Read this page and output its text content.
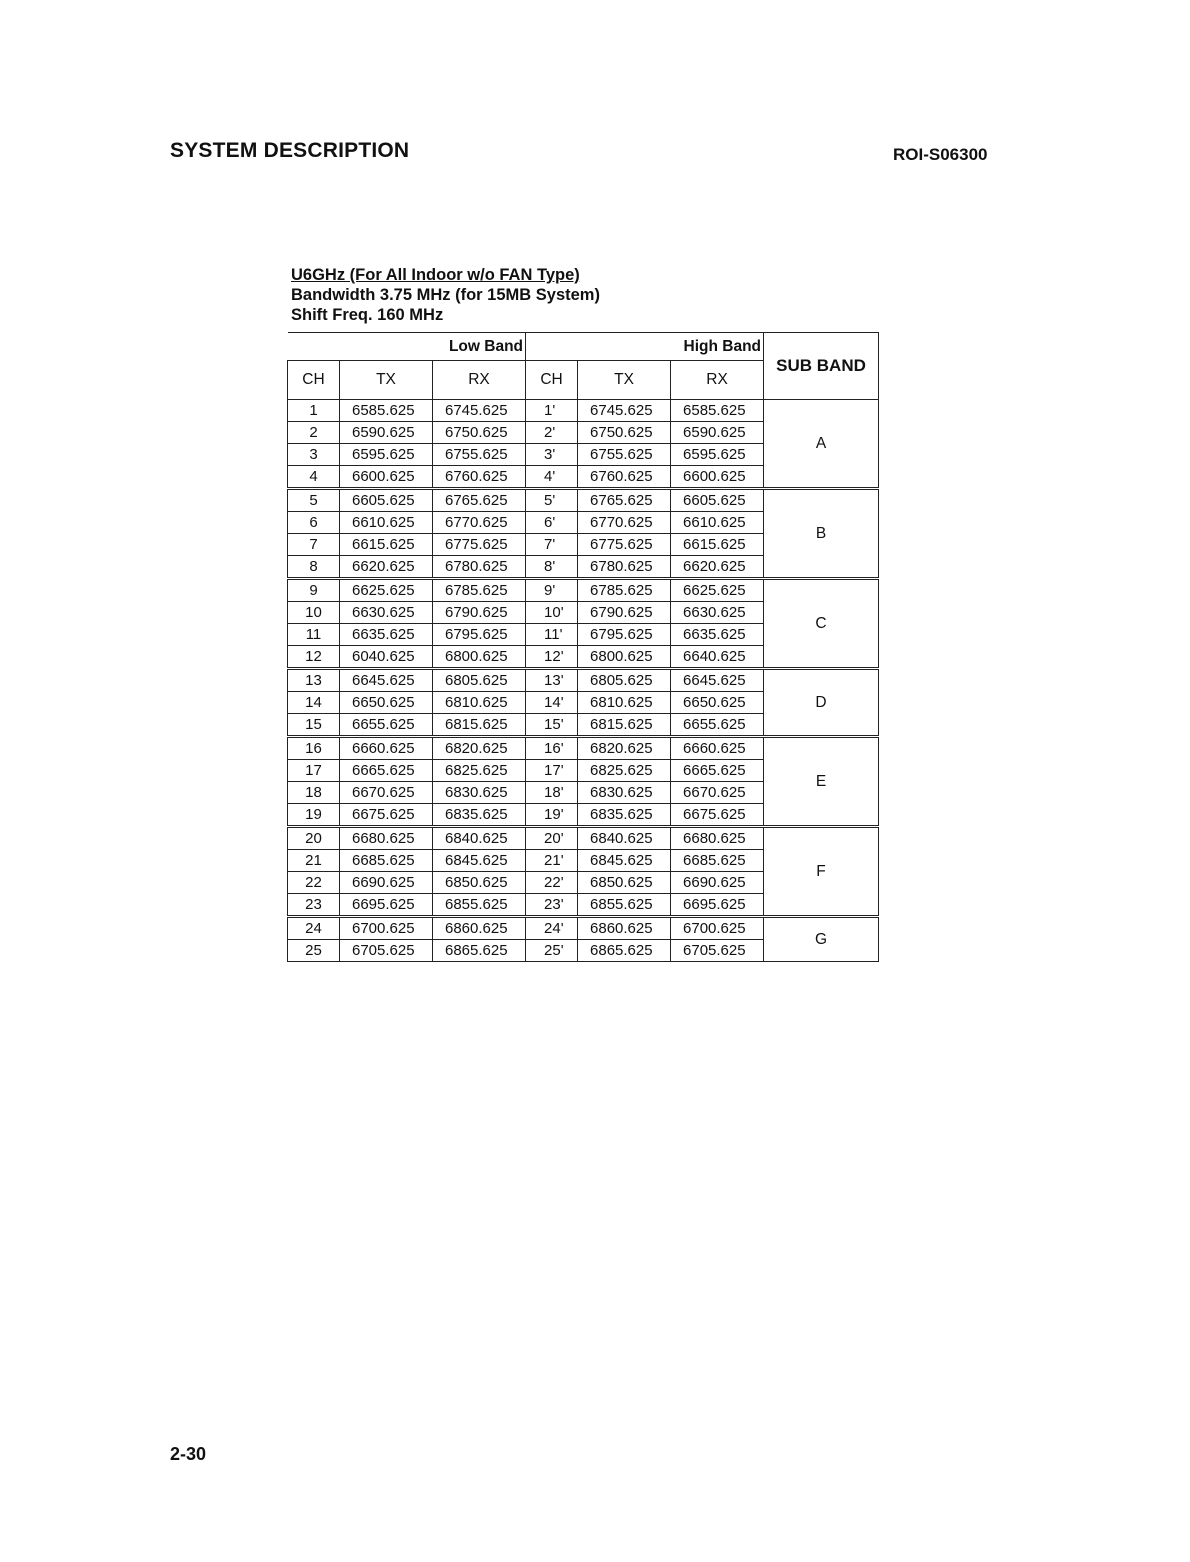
SYSTEM DESCRIPTION	ROI-S06300
U6GHz (For All Indoor w/o FAN Type)
Bandwidth 3.75 MHz (for 15MB System)
Shift Freq. 160 MHz
Low Band			High Band			SUB BAND
CH	TX	RX	CH	TX	RX	
1	6585.625	6745.625	1'	6745.625	6585.625	A
2	6590.625	6750.625	2'	6750.625	6590.625	
3	6595.625	6755.625	3'	6755.625	6595.625	
4	6600.625	6760.625	4'	6760.625	6600.625	
5	6605.625	6765.625	5'	6765.625	6605.625	B
6	6610.625	6770.625	6'	6770.625	6610.625	
7	6615.625	6775.625	7'	6775.625	6615.625	
8	6620.625	6780.625	8'	6780.625	6620.625	
9	6625.625	6785.625	9'	6785.625	6625.625	C
10	6630.625	6790.625	10'	6790.625	6630.625	
11	6635.625	6795.625	11'	6795.625	6635.625	
12	6040.625	6800.625	12'	6800.625	6640.625	
13	6645.625	6805.625	13'	6805.625	6645.625	D
14	6650.625	6810.625	14'	6810.625	6650.625	
15	6655.625	6815.625	15'	6815.625	6655.625	
16	6660.625	6820.625	16'	6820.625	6660.625	E
17	6665.625	6825.625	17'	6825.625	6665.625	
18	6670.625	6830.625	18'	6830.625	6670.625	
19	6675.625	6835.625	19'	6835.625	6675.625	
20	6680.625	6840.625	20'	6840.625	6680.625	F
21	6685.625	6845.625	21'	6845.625	6685.625	
22	6690.625	6850.625	22'	6850.625	6690.625	
23	6695.625	6855.625	23'	6855.625	6695.625	
24	6700.625	6860.625	24'	6860.625	6700.625	G
25	6705.625	6865.625	25'	6865.625	6705.625	
2-30
